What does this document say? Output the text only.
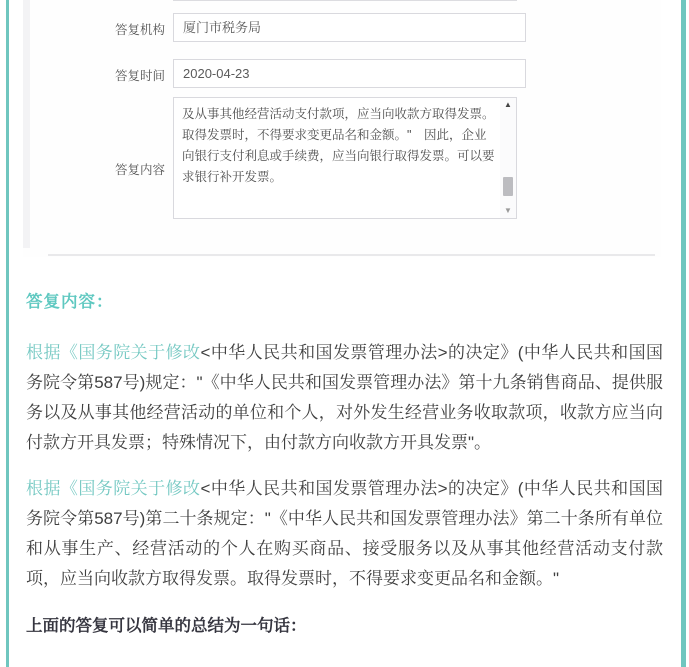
答复机构	厦门市税务局
答复时间	2020-04-23
答复内容
及从事其他经营活动支付款项，应当向收款方取得发票。取得发票时，不得要求变更品名和金额。"　因此，企业向银行支付利息或手续费，应当向银行取得发票。可以要求银行补开发票。
▲
▼
答复内容：
根据《国务院关于修改<中华人民共和国发票管理办法>的决定》(中华人民共和国国务院令第587号)规定："《中华人民共和国发票管理办法》第十九条销售商品、提供服务以及从事其他经营活动的单位和个人，对外发生经营业务收取款项，收款方应当向付款方开具发票；特殊情况下，由付款方向收款方开具发票"。
根据《国务院关于修改<中华人民共和国发票管理办法>的决定》(中华人民共和国国务院令第587号)第二十条规定："《中华人民共和国发票管理办法》第二十条所有单位和从事生产、经营活动的个人在购买商品、接受服务以及从事其他经营活动支付款项，应当向收款方取得发票。取得发票时，不得要求变更品名和金额。"
上面的答复可以简单的总结为一句话：
